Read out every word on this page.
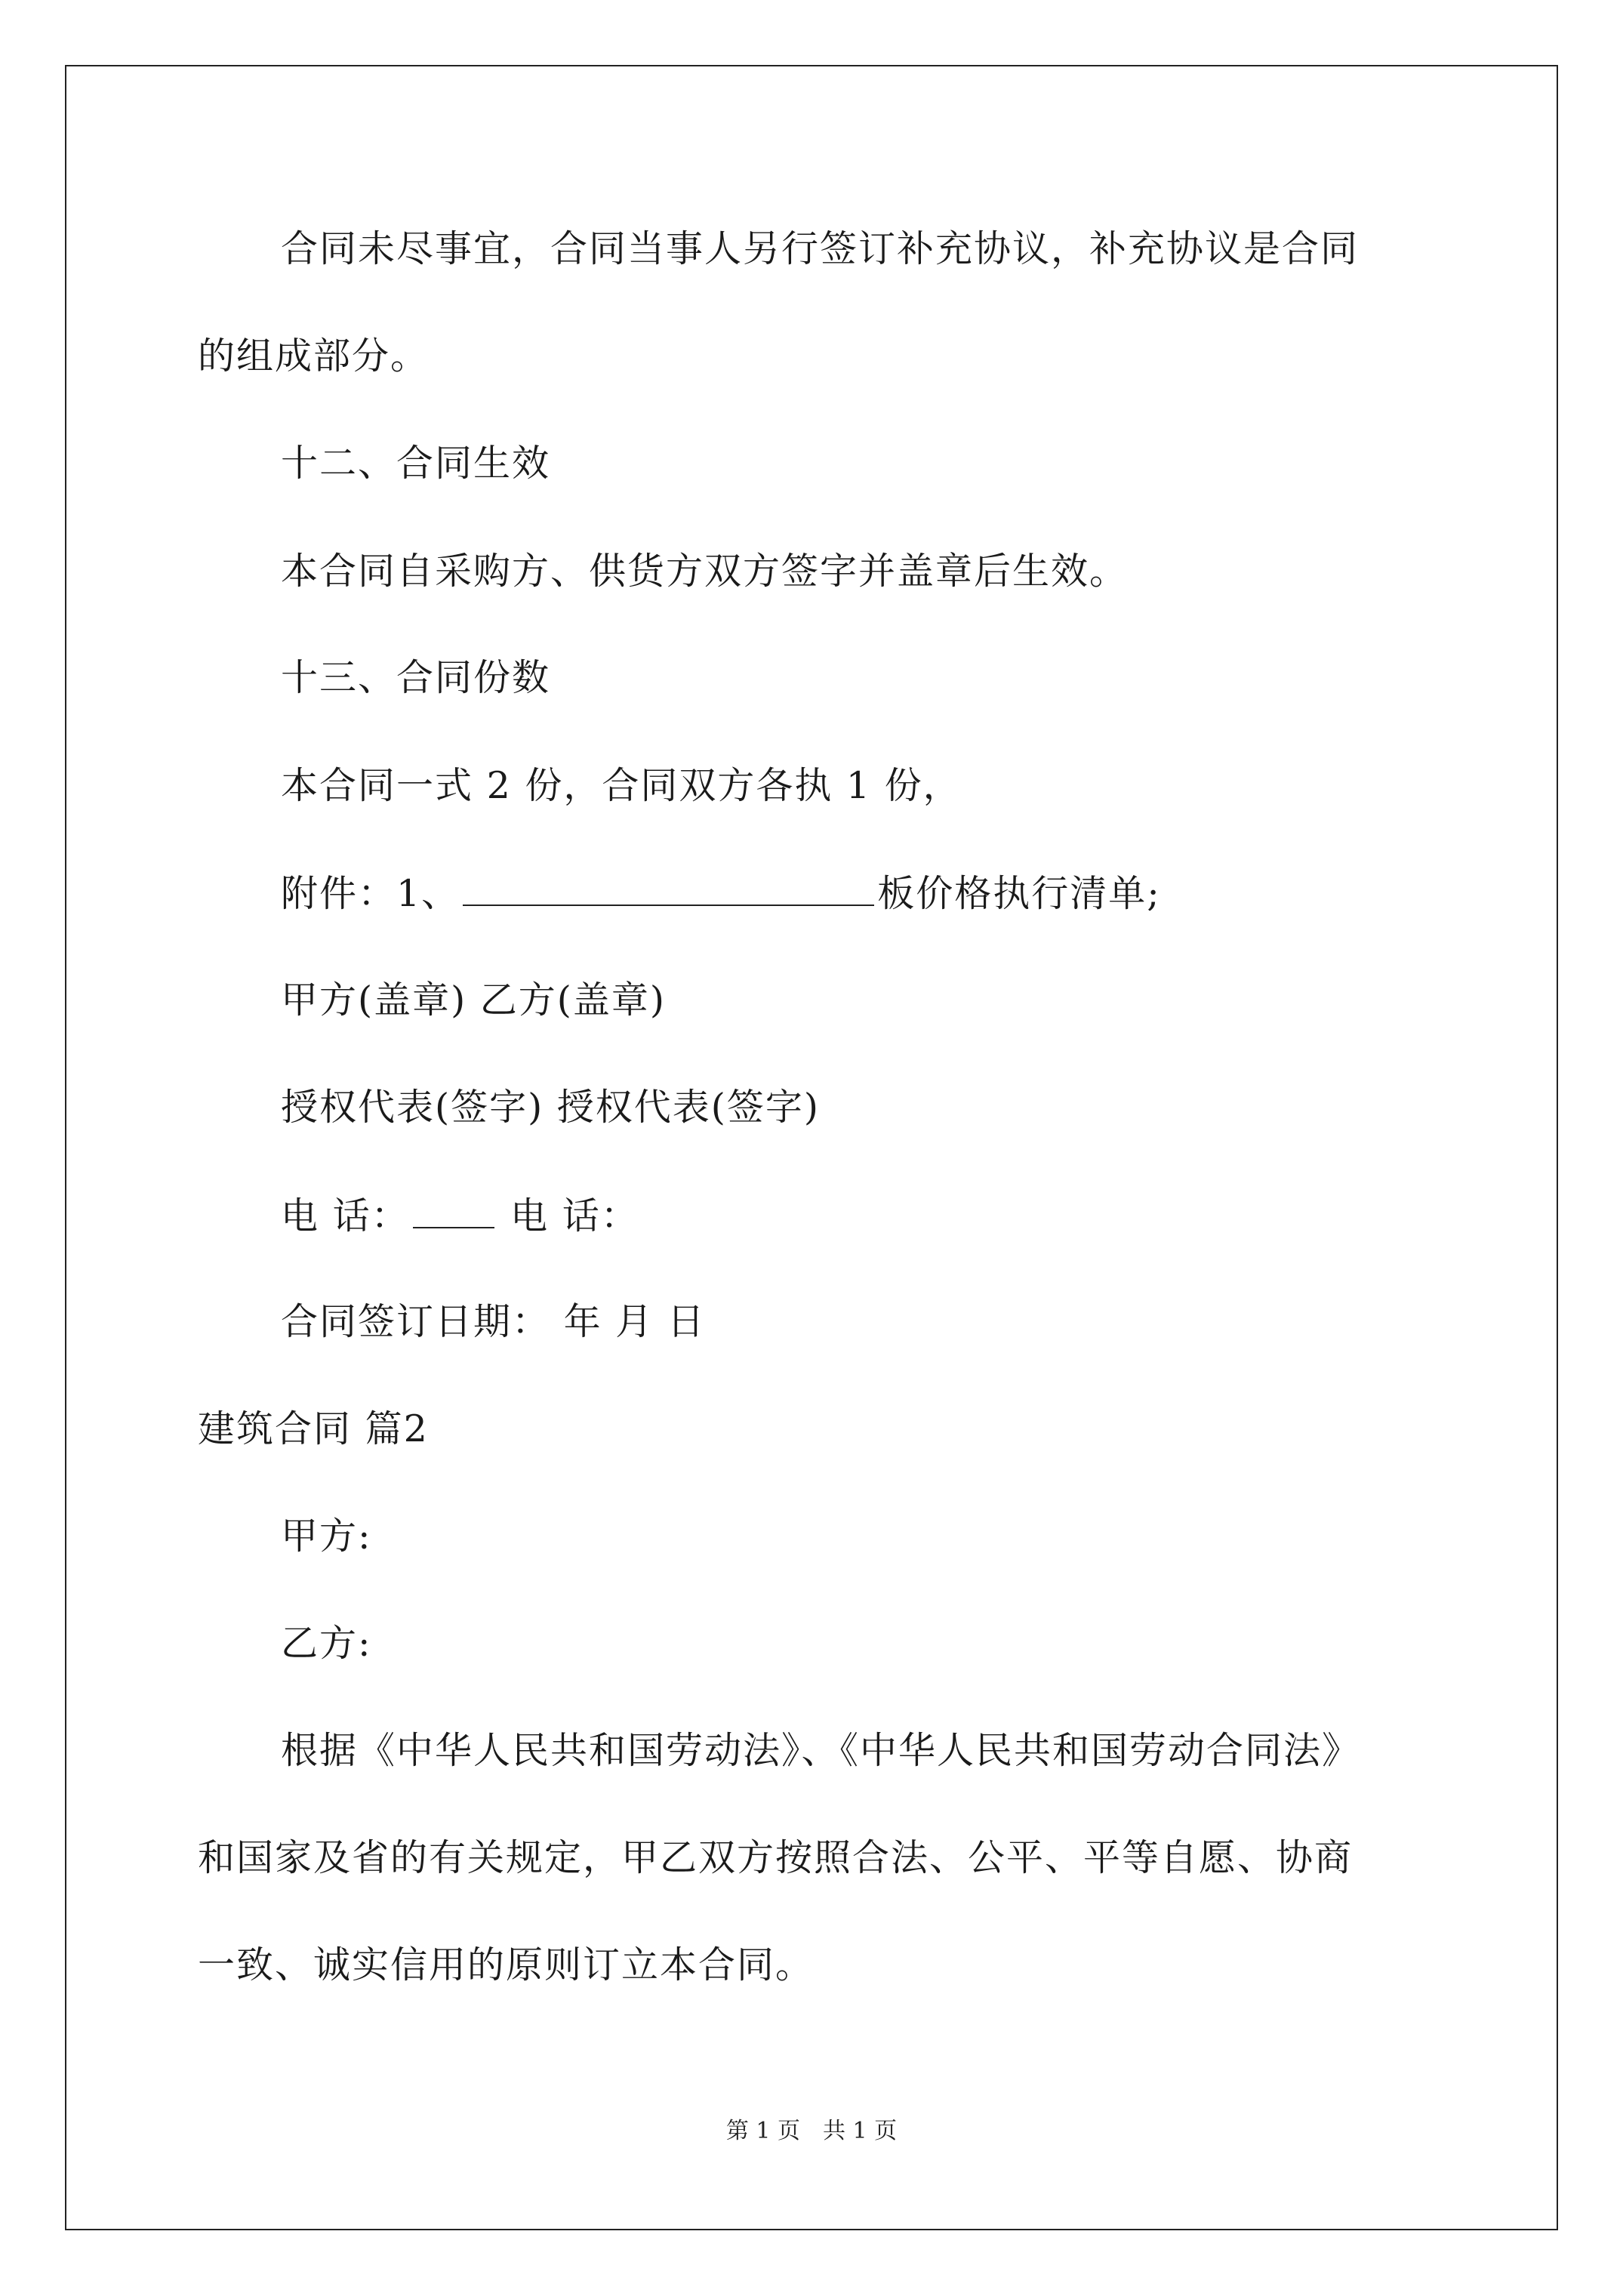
合同未尽事宜，合同当事人另行签订补充协议，补充协议是合同
的组成部分。
十二、合同生效
本合同自采购方、供货方双方签字并盖章后生效。
十三、合同份数
本合同一式 2 份，合同双方各执 1 份，
附件：1、	板价格执行清单;
甲方(盖章) 乙方(盖章)
授权代表(签字) 授权代表(签字)
电 话： 电 话：
合同签订日期： 年 月 日
建筑合同 篇2
甲方:
乙方:
根据《中华人民共和国劳动法》、《中华人民共和国劳动合同法》
和国家及省的有关规定，甲乙双方按照合法、公平、平等自愿、协商
一致、诚实信用的原则订立本合同。
第 1 页　共 1 页
